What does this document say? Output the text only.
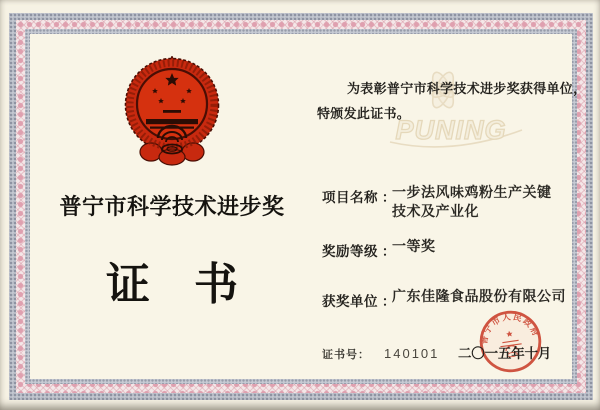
PUNING
普宁市科学技术进步奖
证　书
为表彰普宁市科学技术进步奖获得单位，
特颁发此证书。
项目名称 ：
一步法风味鸡粉生产关键技术及产业化
奖励等级 ：
一等奖
获奖单位 ：
广东佳隆食品股份有限公司
普宁市人民政府
证书号： 140101 二〇一五年十月
